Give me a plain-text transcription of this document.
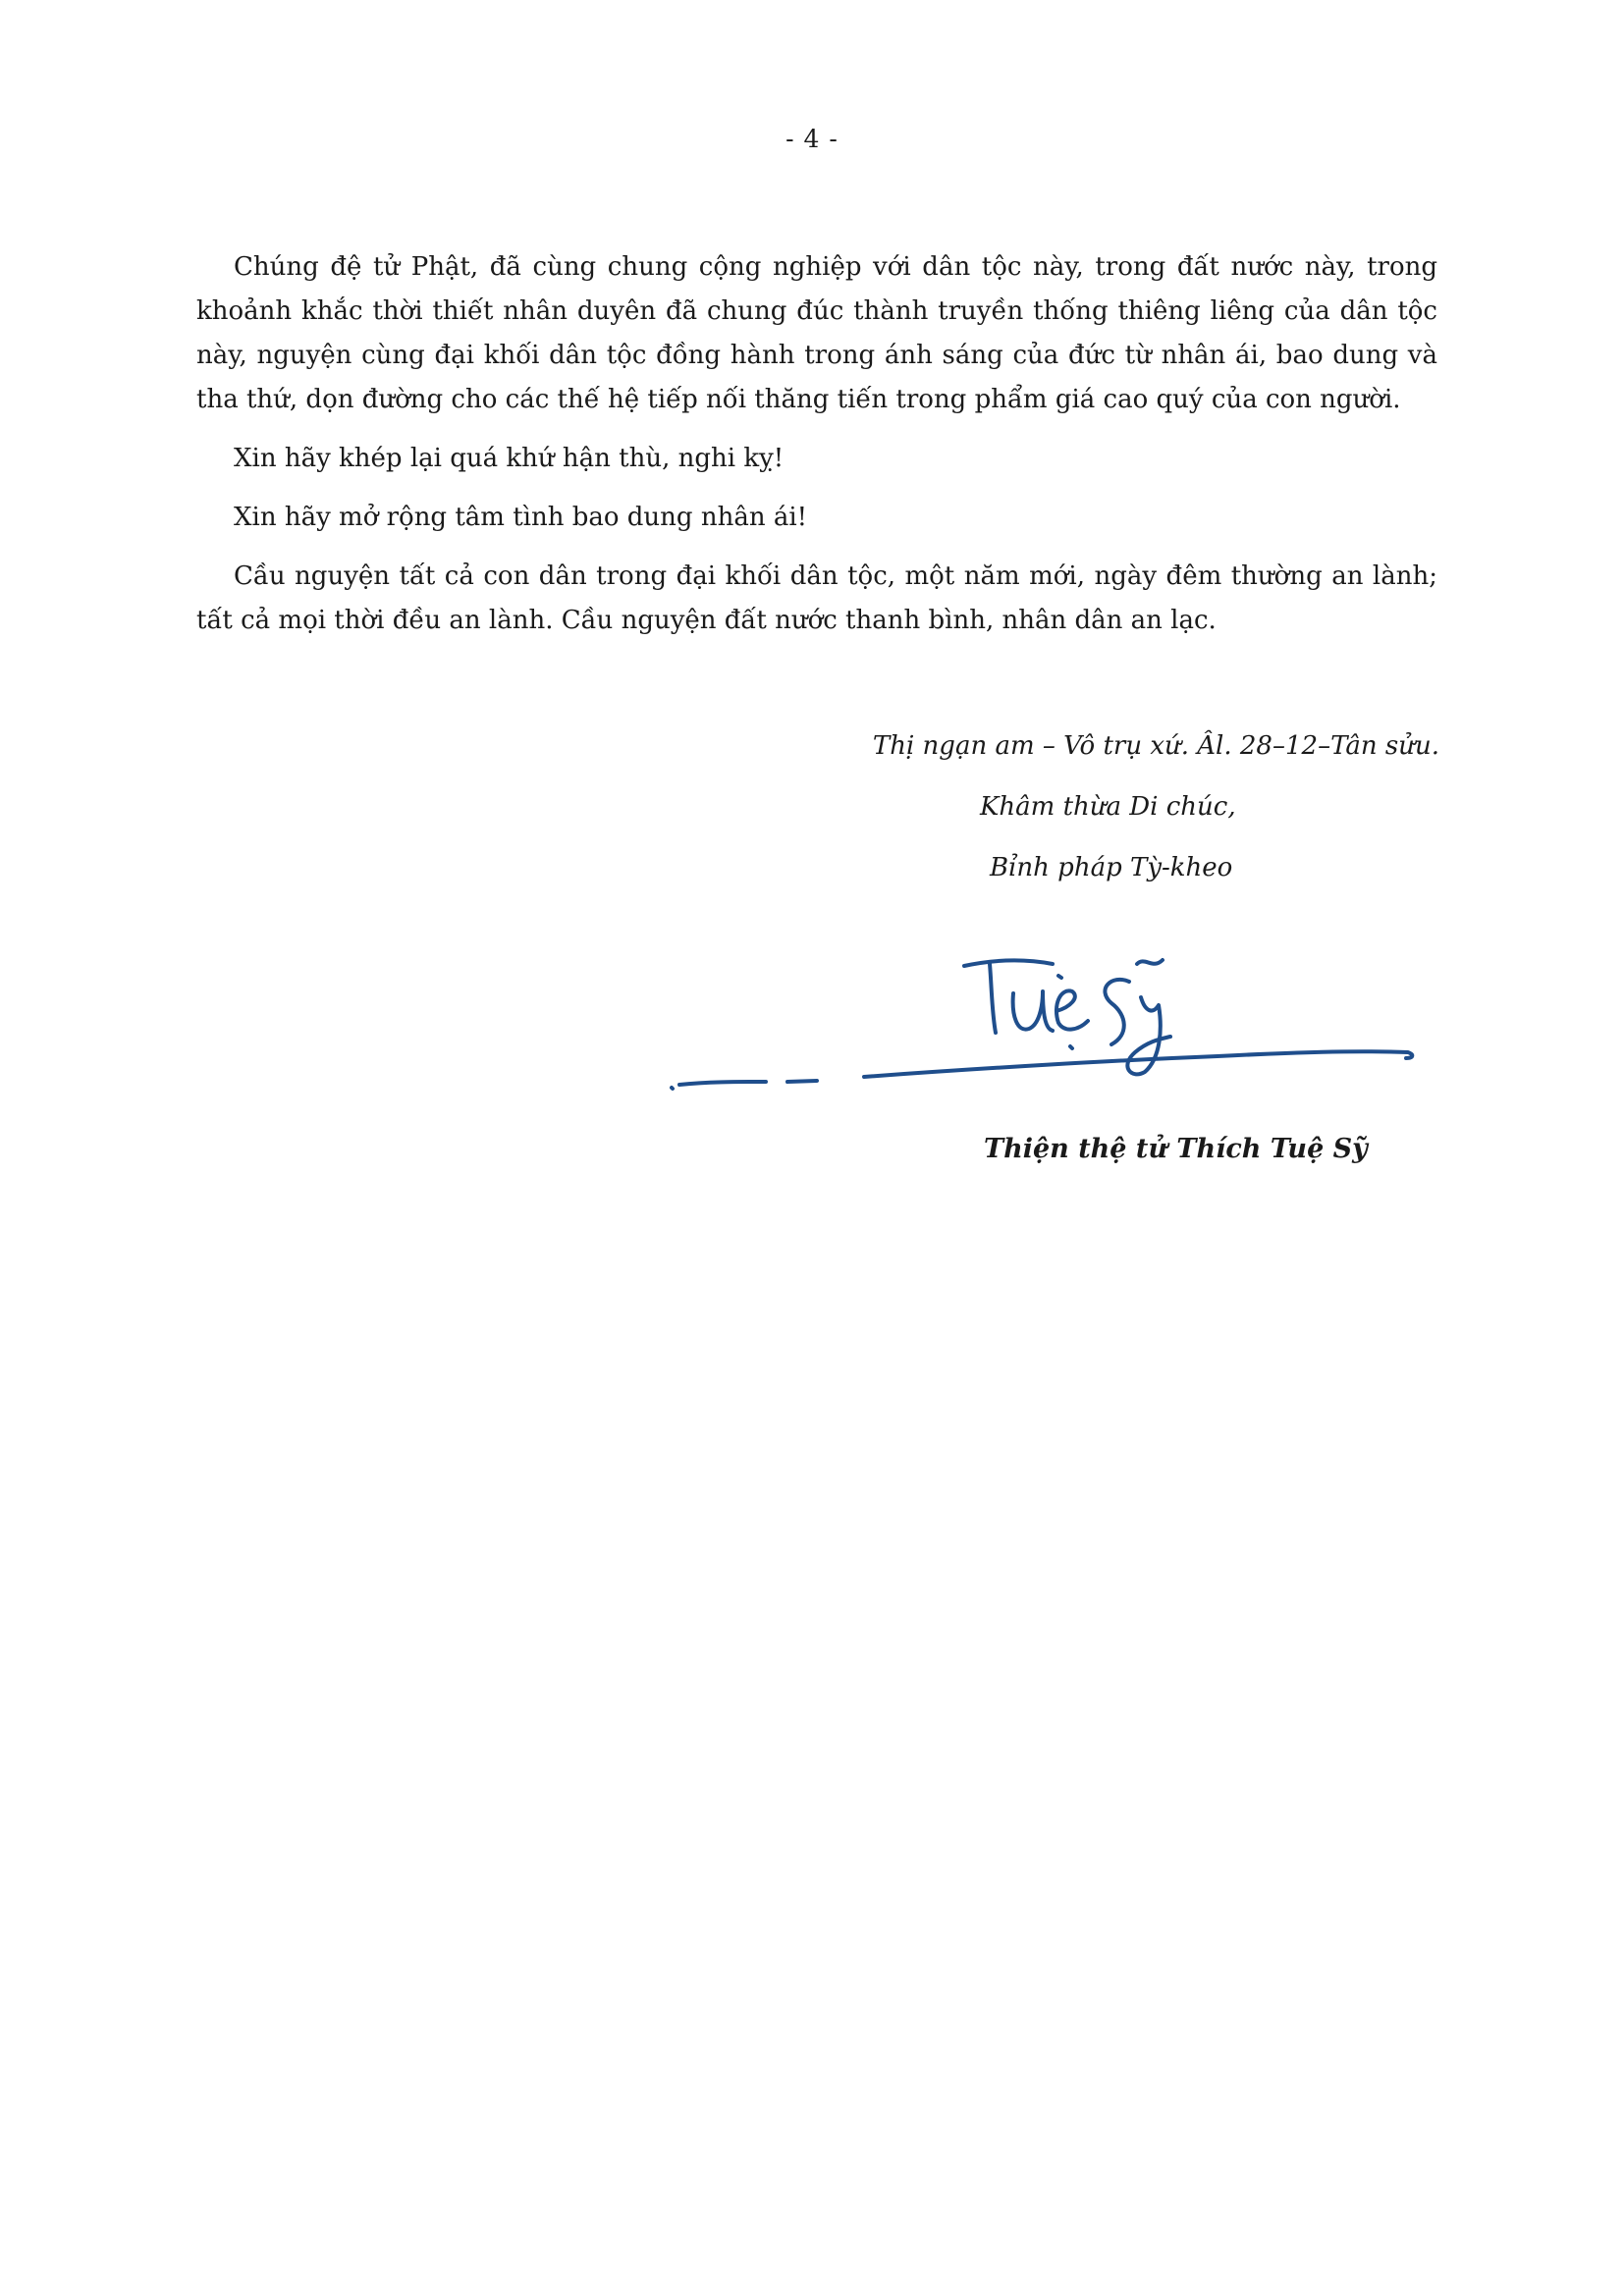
- 4 -

Chúng đệ tử Phật, đã cùng chung cộng nghiệp với dân tộc này, trong đất nước này, trong khoảnh khắc thời thiết nhân duyên đã chung đúc thành truyền thống thiêng liêng của dân tộc này, nguyện cùng đại khối dân tộc đồng hành trong ánh sáng của đức từ nhân ái, bao dung và tha thứ, dọn đường cho các thế hệ tiếp nối thăng tiến trong phẩm giá cao quý của con người.

Xin hãy khép lại quá khứ hận thù, nghi kỵ!

Xin hãy mở rộng tâm tình bao dung nhân ái!

Cầu nguyện tất cả con dân trong đại khối dân tộc, một năm mới, ngày đêm thường an lành; tất cả mọi thời đều an lành. Cầu nguyện đất nước thanh bình, nhân dân an lạc.

Thị ngạn am – Vô trụ xứ. Âl. 28–12–Tân sửu.
Khâm thừa Di chúc,
Bỉnh pháp Tỳ-kheo
Thiện thệ tử Thích Tuệ Sỹ
